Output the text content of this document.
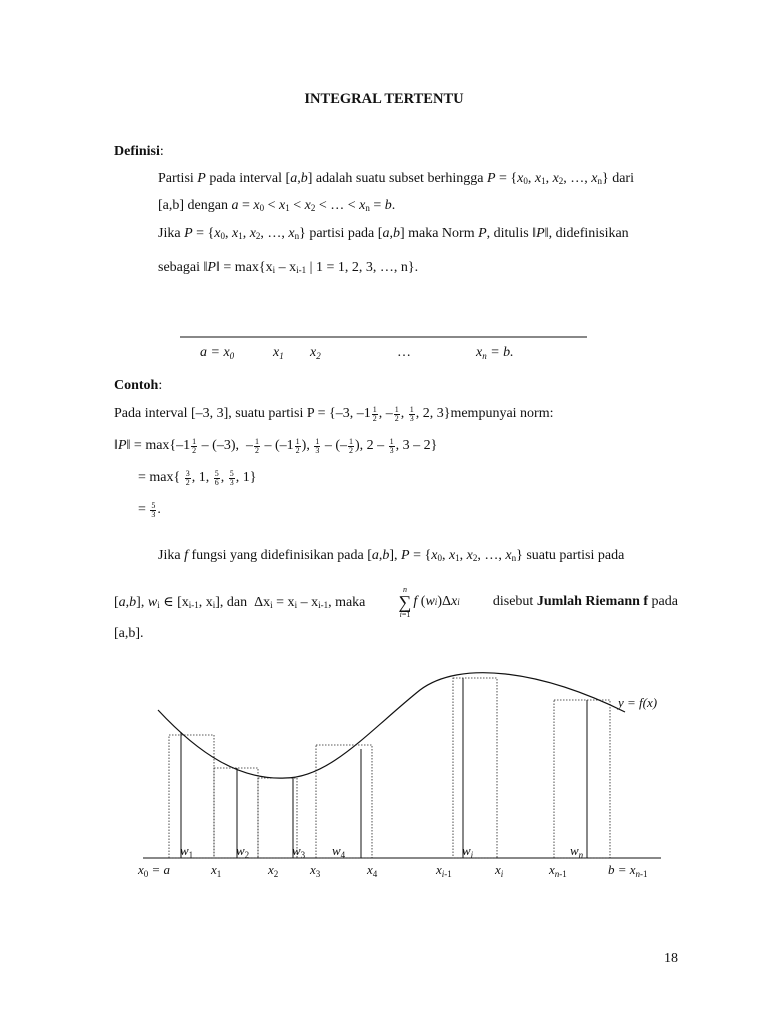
INTEGRAL TERTENTU
Definisi:
Partisi P pada interval [a,b] adalah suatu subset berhingga $P = \{x_0$, $x_1$, $x_2$, …, $x_n$} dari
[a,b] dengan $a = x_0 < x_1 < x_2$ < … < $x_n = b$.
Jika $P = \{x_0$, $x_1$, $x_2$, …, $x_n$} partisi pada [a,b] maka Norm P, ditulis ‖P‖, didefinisikan
sebagai ‖P‖ = $\max\{x_i - x_{i-1}$ | 1 = 1, 2, 3, …, n}.
$a = x_0$	$x_1$ $x_2$	…	$x_n = b$.
Contoh:
Pada interval [–3, 3], suatu partisi P = {–3, $-1 \frac{1}{2}$ , – $\frac{1}{2}$ , $\frac{1}{3}$ , 2, 3}mempunyai norm:
‖P‖ = $\max\{-1 \frac{1}{2} - (-3)$,  – $\frac{1}{2} - (-1 \frac{1}{2}$ ), $\frac{1}{3}$ – (– $\frac{1}{2}$ ), $2 - \frac{1}{3}$ , 3 – 2}
= $\max\{ \frac{3}{2}$ , 1, $\frac{5}{6}$ , $\frac{5}{3}$ , 1}
= $\frac{5}{3}$ .
Jika f fungsi yang didefinisikan pada [a,b], $P = \{x_0$, $x_1$, $x_2$, …, $x_n$} suatu partisi pada
[a,b], $w_i$ ∈ [$x_{i-1}$, $x_i$], dan  $\Delta x_i = x_i - x_{i-1}$, maka
n
∑
i=1
f ( w i )Δ x i disebut Jumlah Riemann f pada
[a,b].
y = f(x)
$w_1$	$w_2$	$w_3$ $w_4$	$w_i$	$w_n$
$x_0 = a$	$x_1$	$x_2$ $x_3$	$x_4$	$x_i-1$	$x_i$	$x_n-1$	$b = x_n-1$
18
